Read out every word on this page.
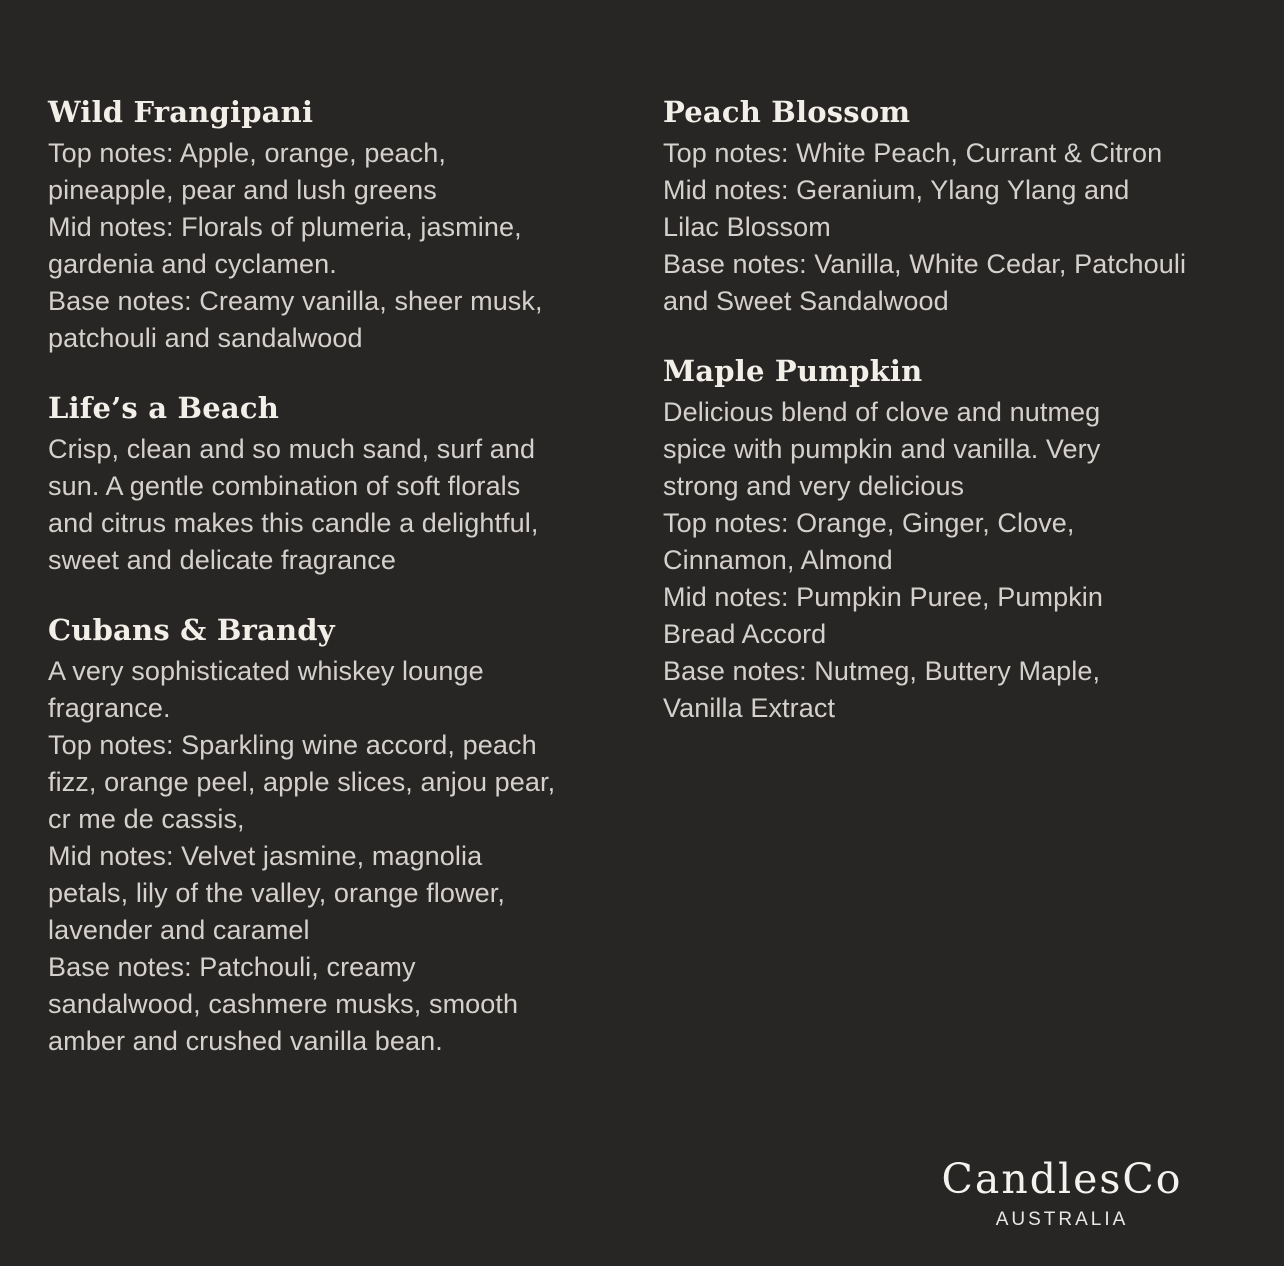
Wild Frangipani

Top notes: Apple, orange, peach,
pineapple, pear and lush greens

Mid notes: Florals of plumeria, jasmine,
gardenia and cyclamen.

Base notes: Creamy vanilla, sheer musk,
patchouli and sandalwood

Life’s a Beach

Crisp, clean and so much sand, surf and
sun. A gentle combination of soft florals
and citrus makes this candle a delightful,
sweet and delicate fragrance

Cubans & Brandy

A very sophisticated whiskey lounge
fragrance.

Top notes: Sparkling wine accord, peach
fizz, orange peel, apple slices, anjou pear,
cr me de cassis,

Mid notes: Velvet jasmine, magnolia
petals, lily of the valley, orange flower,
lavender and caramel

Base notes: Patchouli, creamy
sandalwood, cashmere musks, smooth
amber and crushed vanilla bean.

Peach Blossom

Top notes: White Peach, Currant & Citron

Mid notes: Geranium, Ylang Ylang and
Lilac Blossom

Base notes: Vanilla, White Cedar, Patchouli
and Sweet Sandalwood

Maple Pumpkin

Delicious blend of clove and nutmeg
spice with pumpkin and vanilla. Very
strong and very delicious

Top notes: Orange, Ginger, Clove,
Cinnamon, Almond

Mid notes: Pumpkin Puree, Pumpkin
Bread Accord

Base notes: Nutmeg, Buttery Maple,
Vanilla Extract

CandlesCo
AUSTRALIA
